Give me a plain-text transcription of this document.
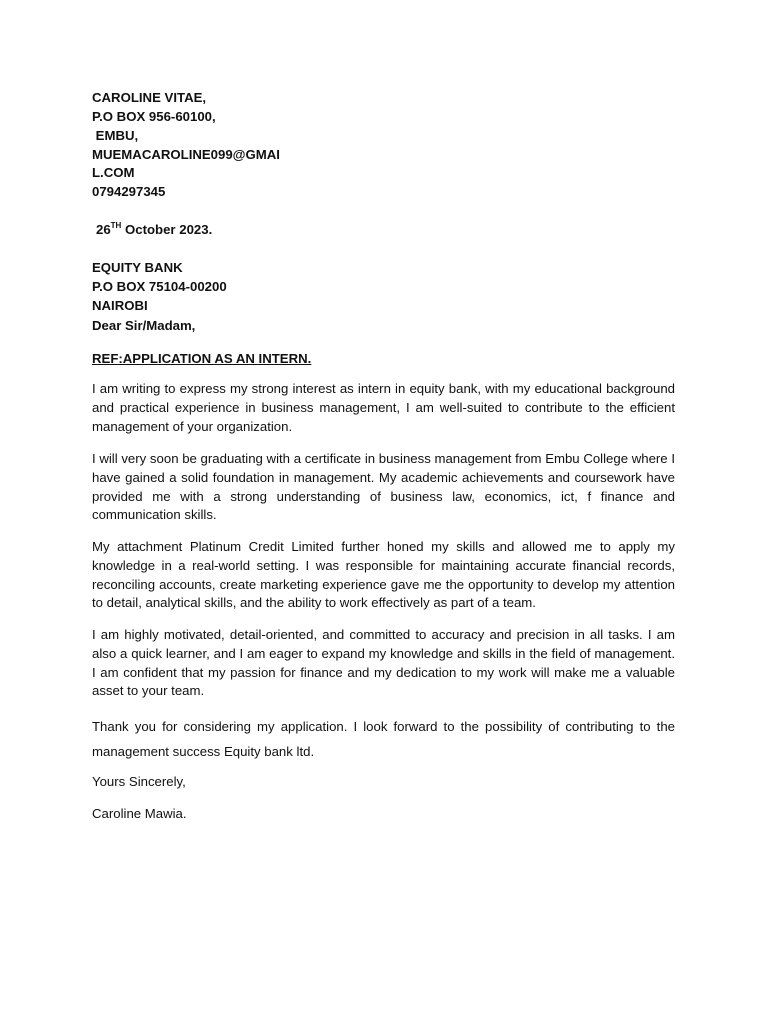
CAROLINE VITAE,
P.O BOX 956-60100,
EMBU,
MUEMACAROLINE099@GMAI
L.COM
0794297345
26TH October 2023.
EQUITY BANK
P.O BOX 75104-00200
NAIROBI
Dear Sir/Madam,
REF:APPLICATION AS AN INTERN.

I am writing to express my strong interest as intern in equity bank, with my educational background and practical experience in business management, I am well-suited to contribute to the efficient management of your organization.

I will very soon be graduating with a certificate in business management from Embu College where I have gained a solid foundation in management. My academic achievements and coursework have provided me with a strong understanding of business law, economics, ict, f finance and communication skills.

My attachment Platinum Credit Limited further honed my skills and allowed me to apply my knowledge in a real-world setting. I was responsible for maintaining accurate financial records, reconciling accounts, create marketing experience gave me the opportunity to develop my attention to detail, analytical skills, and the ability to work effectively as part of a team.

I am highly motivated, detail-oriented, and committed to accuracy and precision in all tasks. I am also a quick learner, and I am eager to expand my knowledge and skills in the field of management. I am confident that my passion for finance and my dedication to my work will make me a valuable asset to your team.

Thank you for considering my application. I look forward to the possibility of contributing to the management success Equity bank ltd.

Yours Sincerely,
Caroline Mawia.
